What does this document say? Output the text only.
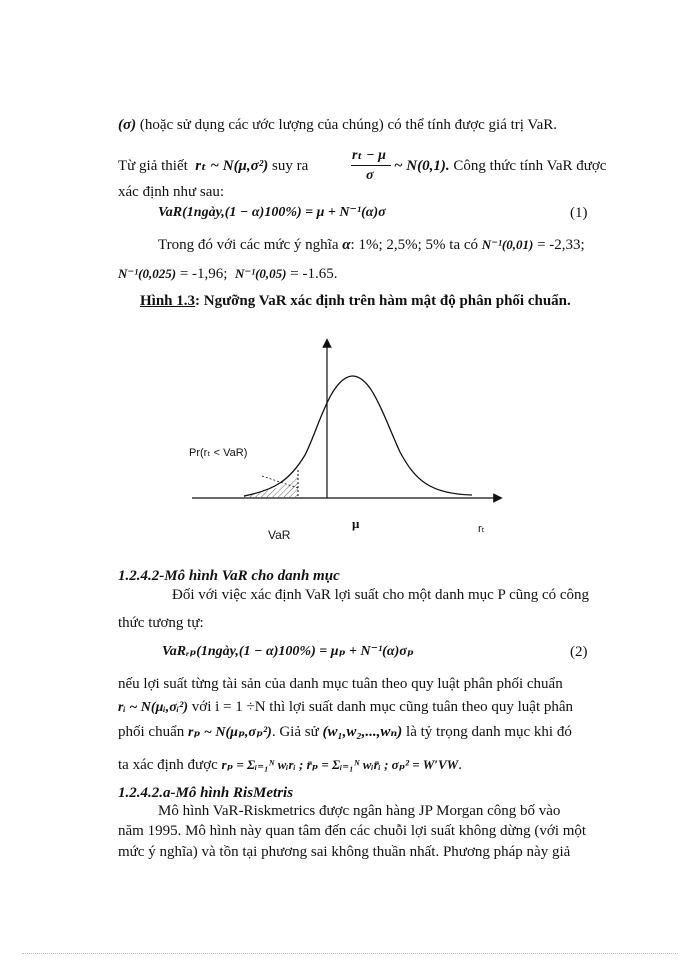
(σ) (hoặc sử dụng các ước lượng của chúng) có thể tính được giá trị VaR.
Từ giả thiết rₜ ~ N(μ,σ²) suy ra
rₜ − μ
σ
~ N(0,1). Công thức tính VaR được
xác định như sau:
VaR(1ngày,(1 − α)100%) = μ + N⁻¹(α)σ	(1)
Trong đó với các mức ý nghĩa α: 1%; 2,5%; 5% ta có N⁻¹(0,01) = -2,33;
N⁻¹(0,025) = -1,96; N⁻¹(0,05) = -1.65.
Hình 1.3: Ngưỡng VaR xác định trên hàm mật độ phân phối chuẩn.
Pr(rₜ < VaR)
VaR
μ	rₜ
1.2.4.2-Mô hình VaR cho danh mục
Đối với việc xác định VaR lợi suất cho một danh mục P cũng có công
thức tương tự:
VaRᵣₚ(1ngày,(1 − α)100%) = μₚ + N⁻¹(α)σₚ	(2)
nếu lợi suất từng tài sản của danh mục tuân theo quy luật phân phối chuẩn
rᵢ ~ N(μᵢ,σᵢ²) với i = 1 ÷N thì lợi suất danh mục cũng tuân theo quy luật phân
phối chuẩn rₚ ~ N(μₚ,σₚ²). Giả sử (w₁,w₂,...,wₙ) là tỷ trọng danh mục khi đó
ta xác định được rₚ = Σᵢ₌₁ᴺ wᵢrᵢ ; r̄ₚ = Σᵢ₌₁ᴺ wᵢr̄ᵢ ; σₚ² = W′VW.
1.2.4.2.a-Mô hình RisMetris
Mô hình VaR-Riskmetrics được ngân hàng JP Morgan công bố vào
năm 1995. Mô hình này quan tâm đến các chuỗi lợi suất không dừng (với một
mức ý nghĩa) và tồn tại phương sai không thuần nhất. Phương pháp này giả
